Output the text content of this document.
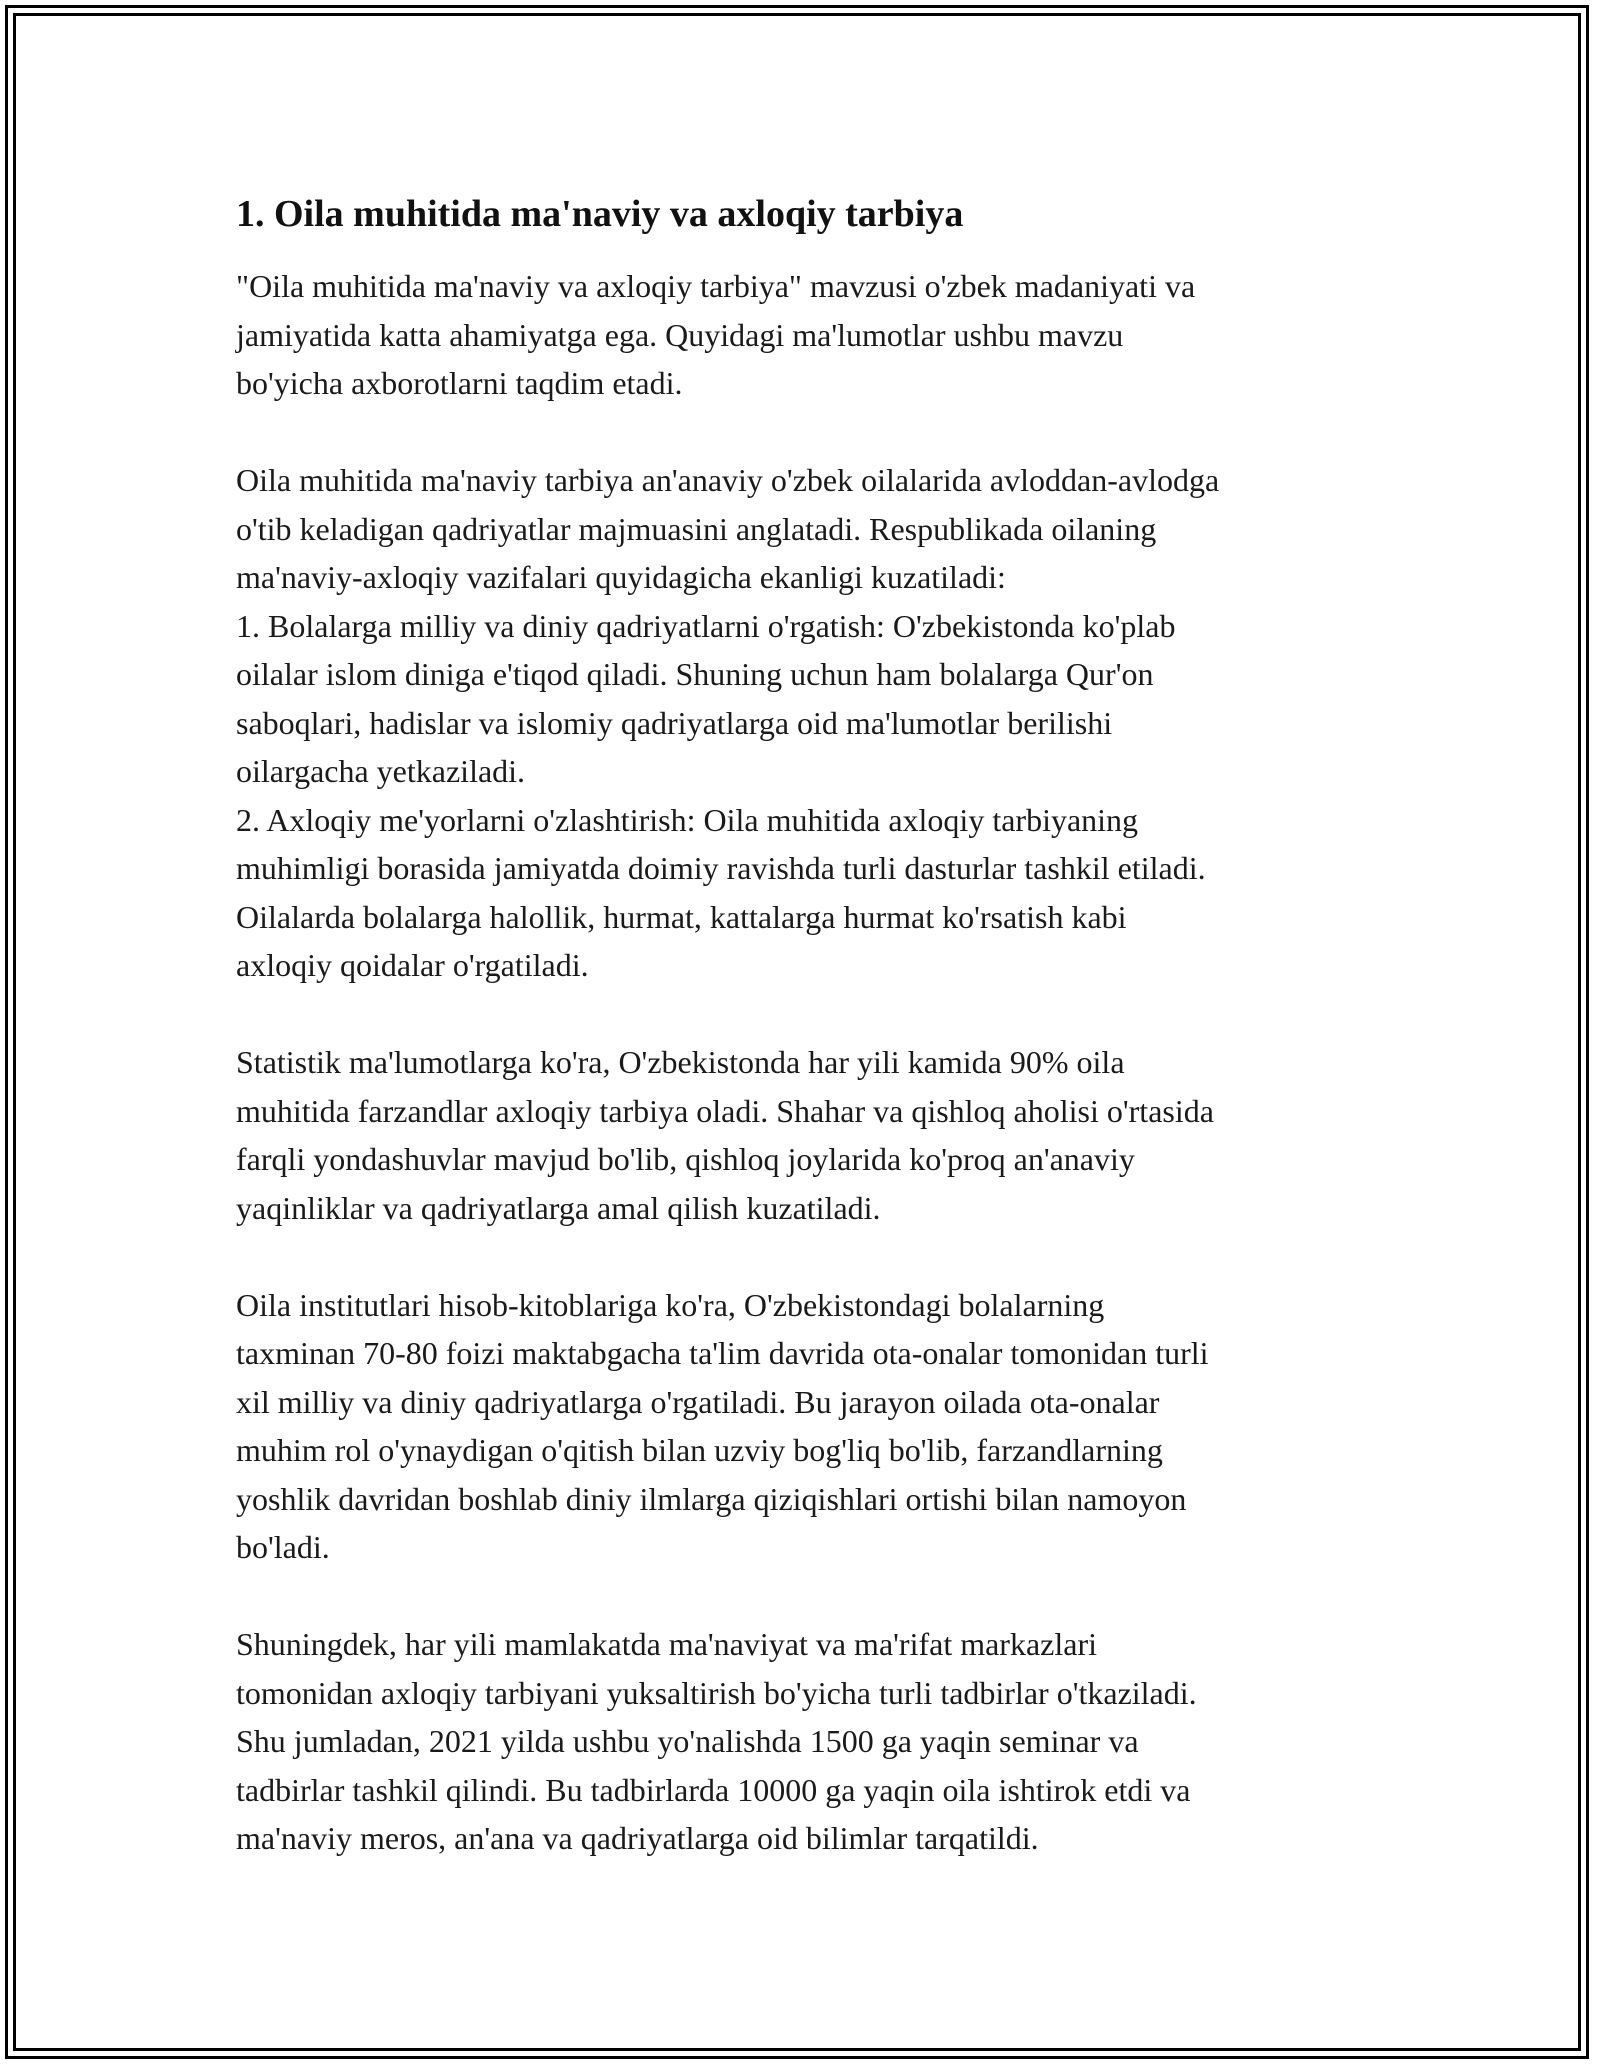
1. Oila muhitida ma'naviy va axloqiy tarbiya

"Oila muhitida ma'naviy va axloqiy tarbiya" mavzusi o'zbek madaniyati va
jamiyatida katta ahamiyatga ega. Quyidagi ma'lumotlar ushbu mavzu
bo'yicha axborotlarni taqdim etadi.

Oila muhitida ma'naviy tarbiya an'anaviy o'zbek oilalarida avloddan-avlodga
o'tib keladigan qadriyatlar majmuasini anglatadi. Respublikada oilaning
ma'naviy-axloqiy vazifalari quyidagicha ekanligi kuzatiladi:
1. Bolalarga milliy va diniy qadriyatlarni o'rgatish: O'zbekistonda ko'plab
oilalar islom diniga e'tiqod qiladi. Shuning uchun ham bolalarga Qur'on
saboqlari, hadislar va islomiy qadriyatlarga oid ma'lumotlar berilishi
oilargacha yetkaziladi.
2. Axloqiy me'yorlarni o'zlashtirish: Oila muhitida axloqiy tarbiyaning
muhimligi borasida jamiyatda doimiy ravishda turli dasturlar tashkil etiladi.
Oilalarda bolalarga halollik, hurmat, kattalarga hurmat ko'rsatish kabi
axloqiy qoidalar o'rgatiladi.

Statistik ma'lumotlarga ko'ra, O'zbekistonda har yili kamida 90% oila
muhitida farzandlar axloqiy tarbiya oladi. Shahar va qishloq aholisi o'rtasida
farqli yondashuvlar mavjud bo'lib, qishloq joylarida ko'proq an'anaviy
yaqinliklar va qadriyatlarga amal qilish kuzatiladi.

Oila institutlari hisob-kitoblariga ko'ra, O'zbekistondagi bolalarning
taxminan 70-80 foizi maktabgacha ta'lim davrida ota-onalar tomonidan turli
xil milliy va diniy qadriyatlarga o'rgatiladi. Bu jarayon oilada ota-onalar
muhim rol o'ynaydigan o'qitish bilan uzviy bog'liq bo'lib, farzandlarning
yoshlik davridan boshlab diniy ilmlarga qiziqishlari ortishi bilan namoyon
bo'ladi.

Shuningdek, har yili mamlakatda ma'naviyat va ma'rifat markazlari
tomonidan axloqiy tarbiyani yuksaltirish bo'yicha turli tadbirlar o'tkaziladi.
Shu jumladan, 2021 yilda ushbu yo'nalishda 1500 ga yaqin seminar va
tadbirlar tashkil qilindi. Bu tadbirlarda 10000 ga yaqin oila ishtirok etdi va
ma'naviy meros, an'ana va qadriyatlarga oid bilimlar tarqatildi.
